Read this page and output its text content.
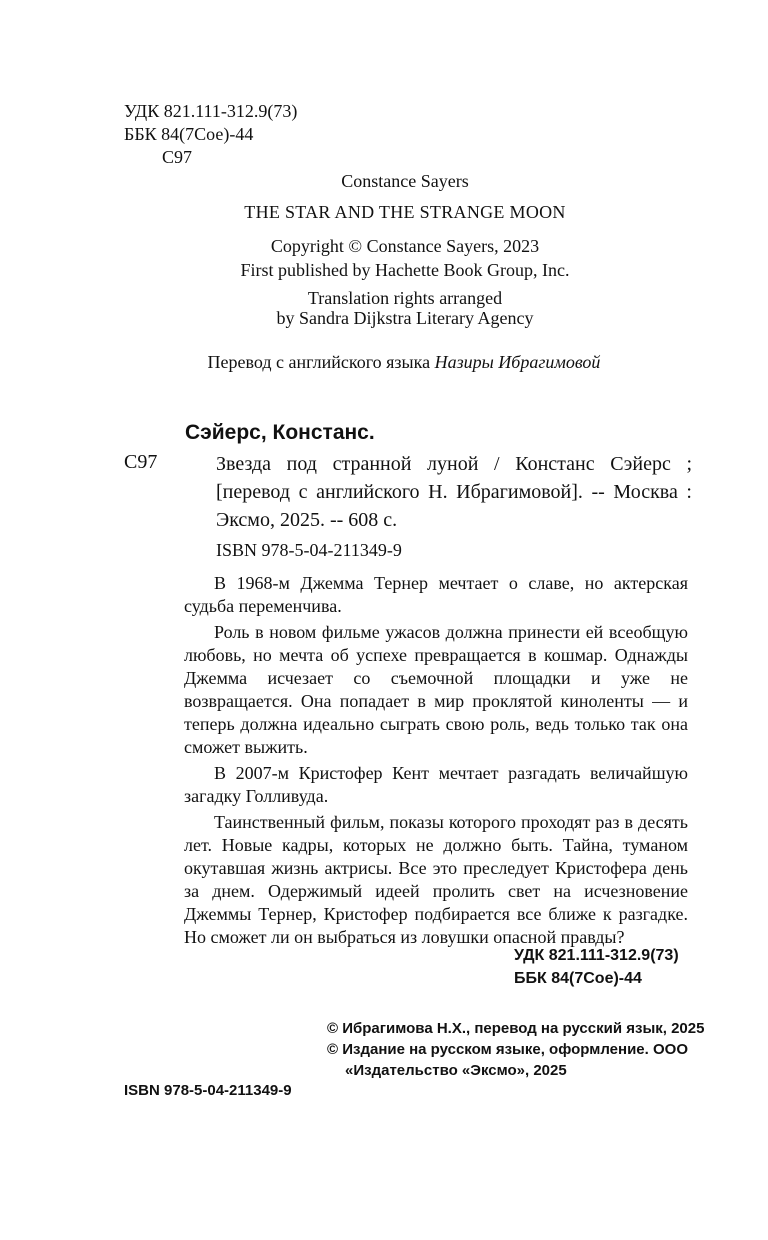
УДК 821.111-312.9(73)
ББК 84(7Сое)-44
С97
Constance Sayers
THE STAR AND THE STRANGE MOON
Copyright © Constance Sayers, 2023
First published by Hachette Book Group, Inc.
Translation rights arranged
by Sandra Dijkstra Literary Agency
Перевод с английского языка Назиры Ибрагимовой
Сэйерс, Констанс.
С97	Звезда под странной луной / Констанс Сэйерс ; [перевод с английского Н. Ибрагимовой]. -- Москва : Эксмо, 2025. -- 608 с.
ISBN 978-5-04-211349-9

В 1968-м Джемма Тернер мечтает о славе, но актерская судьба переменчива.

Роль в новом фильме ужасов должна принести ей всеобщую любовь, но мечта об успехе превращается в кошмар. Однажды Джемма исчезает со съемочной площадки и уже не возвращается. Она попадает в мир проклятой киноленты — и теперь должна идеально сыграть свою роль, ведь только так она сможет выжить.

В 2007-м Кристофер Кент мечтает разгадать величайшую загадку Голливуда.

Таинственный фильм, показы которого проходят раз в десять лет. Новые кадры, которых не должно быть. Тайна, туманом окутавшая жизнь актрисы. Все это преследует Кристофера день за днем. Одержимый идеей пролить свет на исчезновение Джеммы Тернер, Кристофер подбирается все ближе к разгадке. Но сможет ли он выбраться из ловушки опасной правды?

УДК 821.111-312.9(73)
ББК 84(7Сое)-44
© Ибрагимова Н.Х., перевод на русский язык, 2025
© Издание на русском языке, оформление. ООО «Издательство «Эксмо», 2025
ISBN 978-5-04-211349-9
